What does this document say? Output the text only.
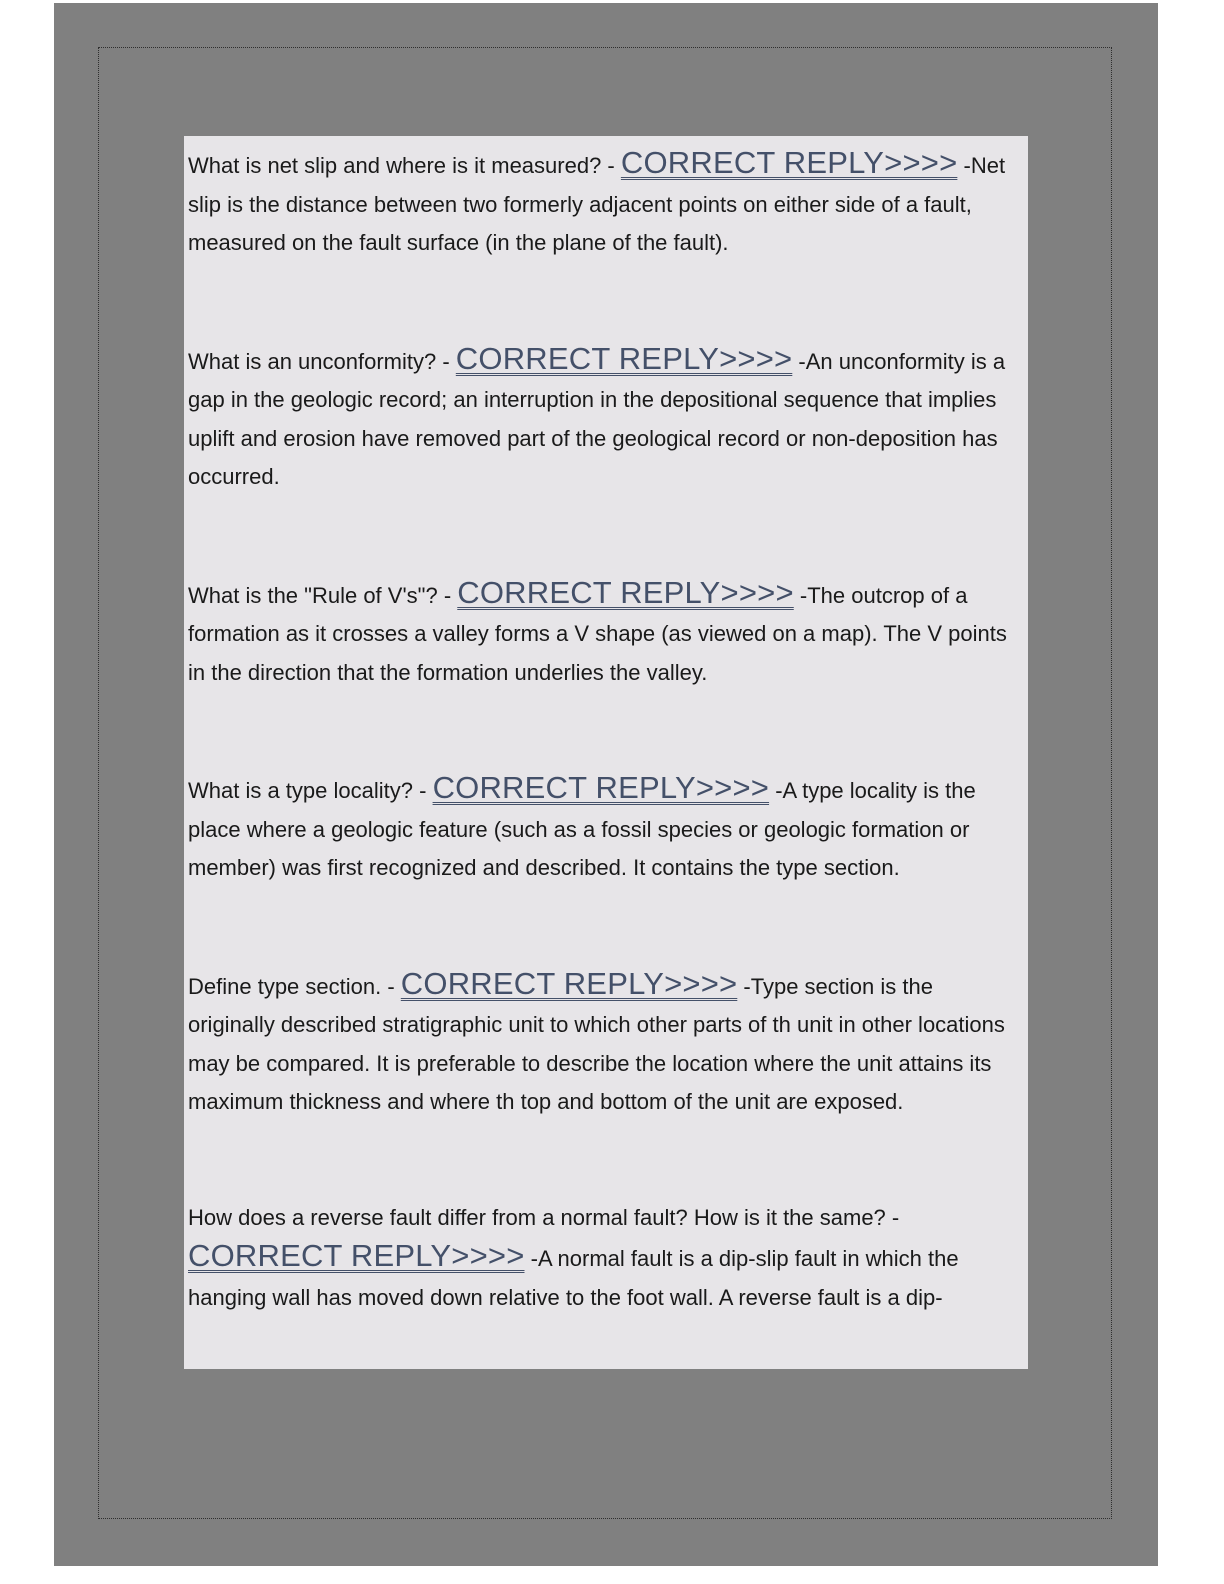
What is net slip and where is it measured? - CORRECT REPLY>>>> -Net slip is the distance between two formerly adjacent points on either side of a fault, measured on the fault surface (in the plane of the fault).

What is an unconformity? - CORRECT REPLY>>>> -An unconformity is a gap in the geologic record; an interruption in the depositional sequence that implies uplift and erosion have removed part of the geological record or non-deposition has occurred.

What is the "Rule of V's"? - CORRECT REPLY>>>> -The outcrop of a formation as it crosses a valley forms a V shape (as viewed on a map). The V points in the direction that the formation underlies the valley.

What is a type locality? - CORRECT REPLY>>>> -A type locality is the place where a geologic feature (such as a fossil species or geologic formation or member) was first recognized and described. It contains the type section.

Define type section. - CORRECT REPLY>>>> -Type section is the originally described stratigraphic unit to which other parts of th unit in other locations may be compared. It is preferable to describe the location where the unit attains its maximum thickness and where th top and bottom of the unit are exposed.

How does a reverse fault differ from a normal fault? How is it the same? - CORRECT REPLY>>>> -A normal fault is a dip-slip fault in which the hanging wall has moved down relative to the foot wall. A reverse fault is a dip-
